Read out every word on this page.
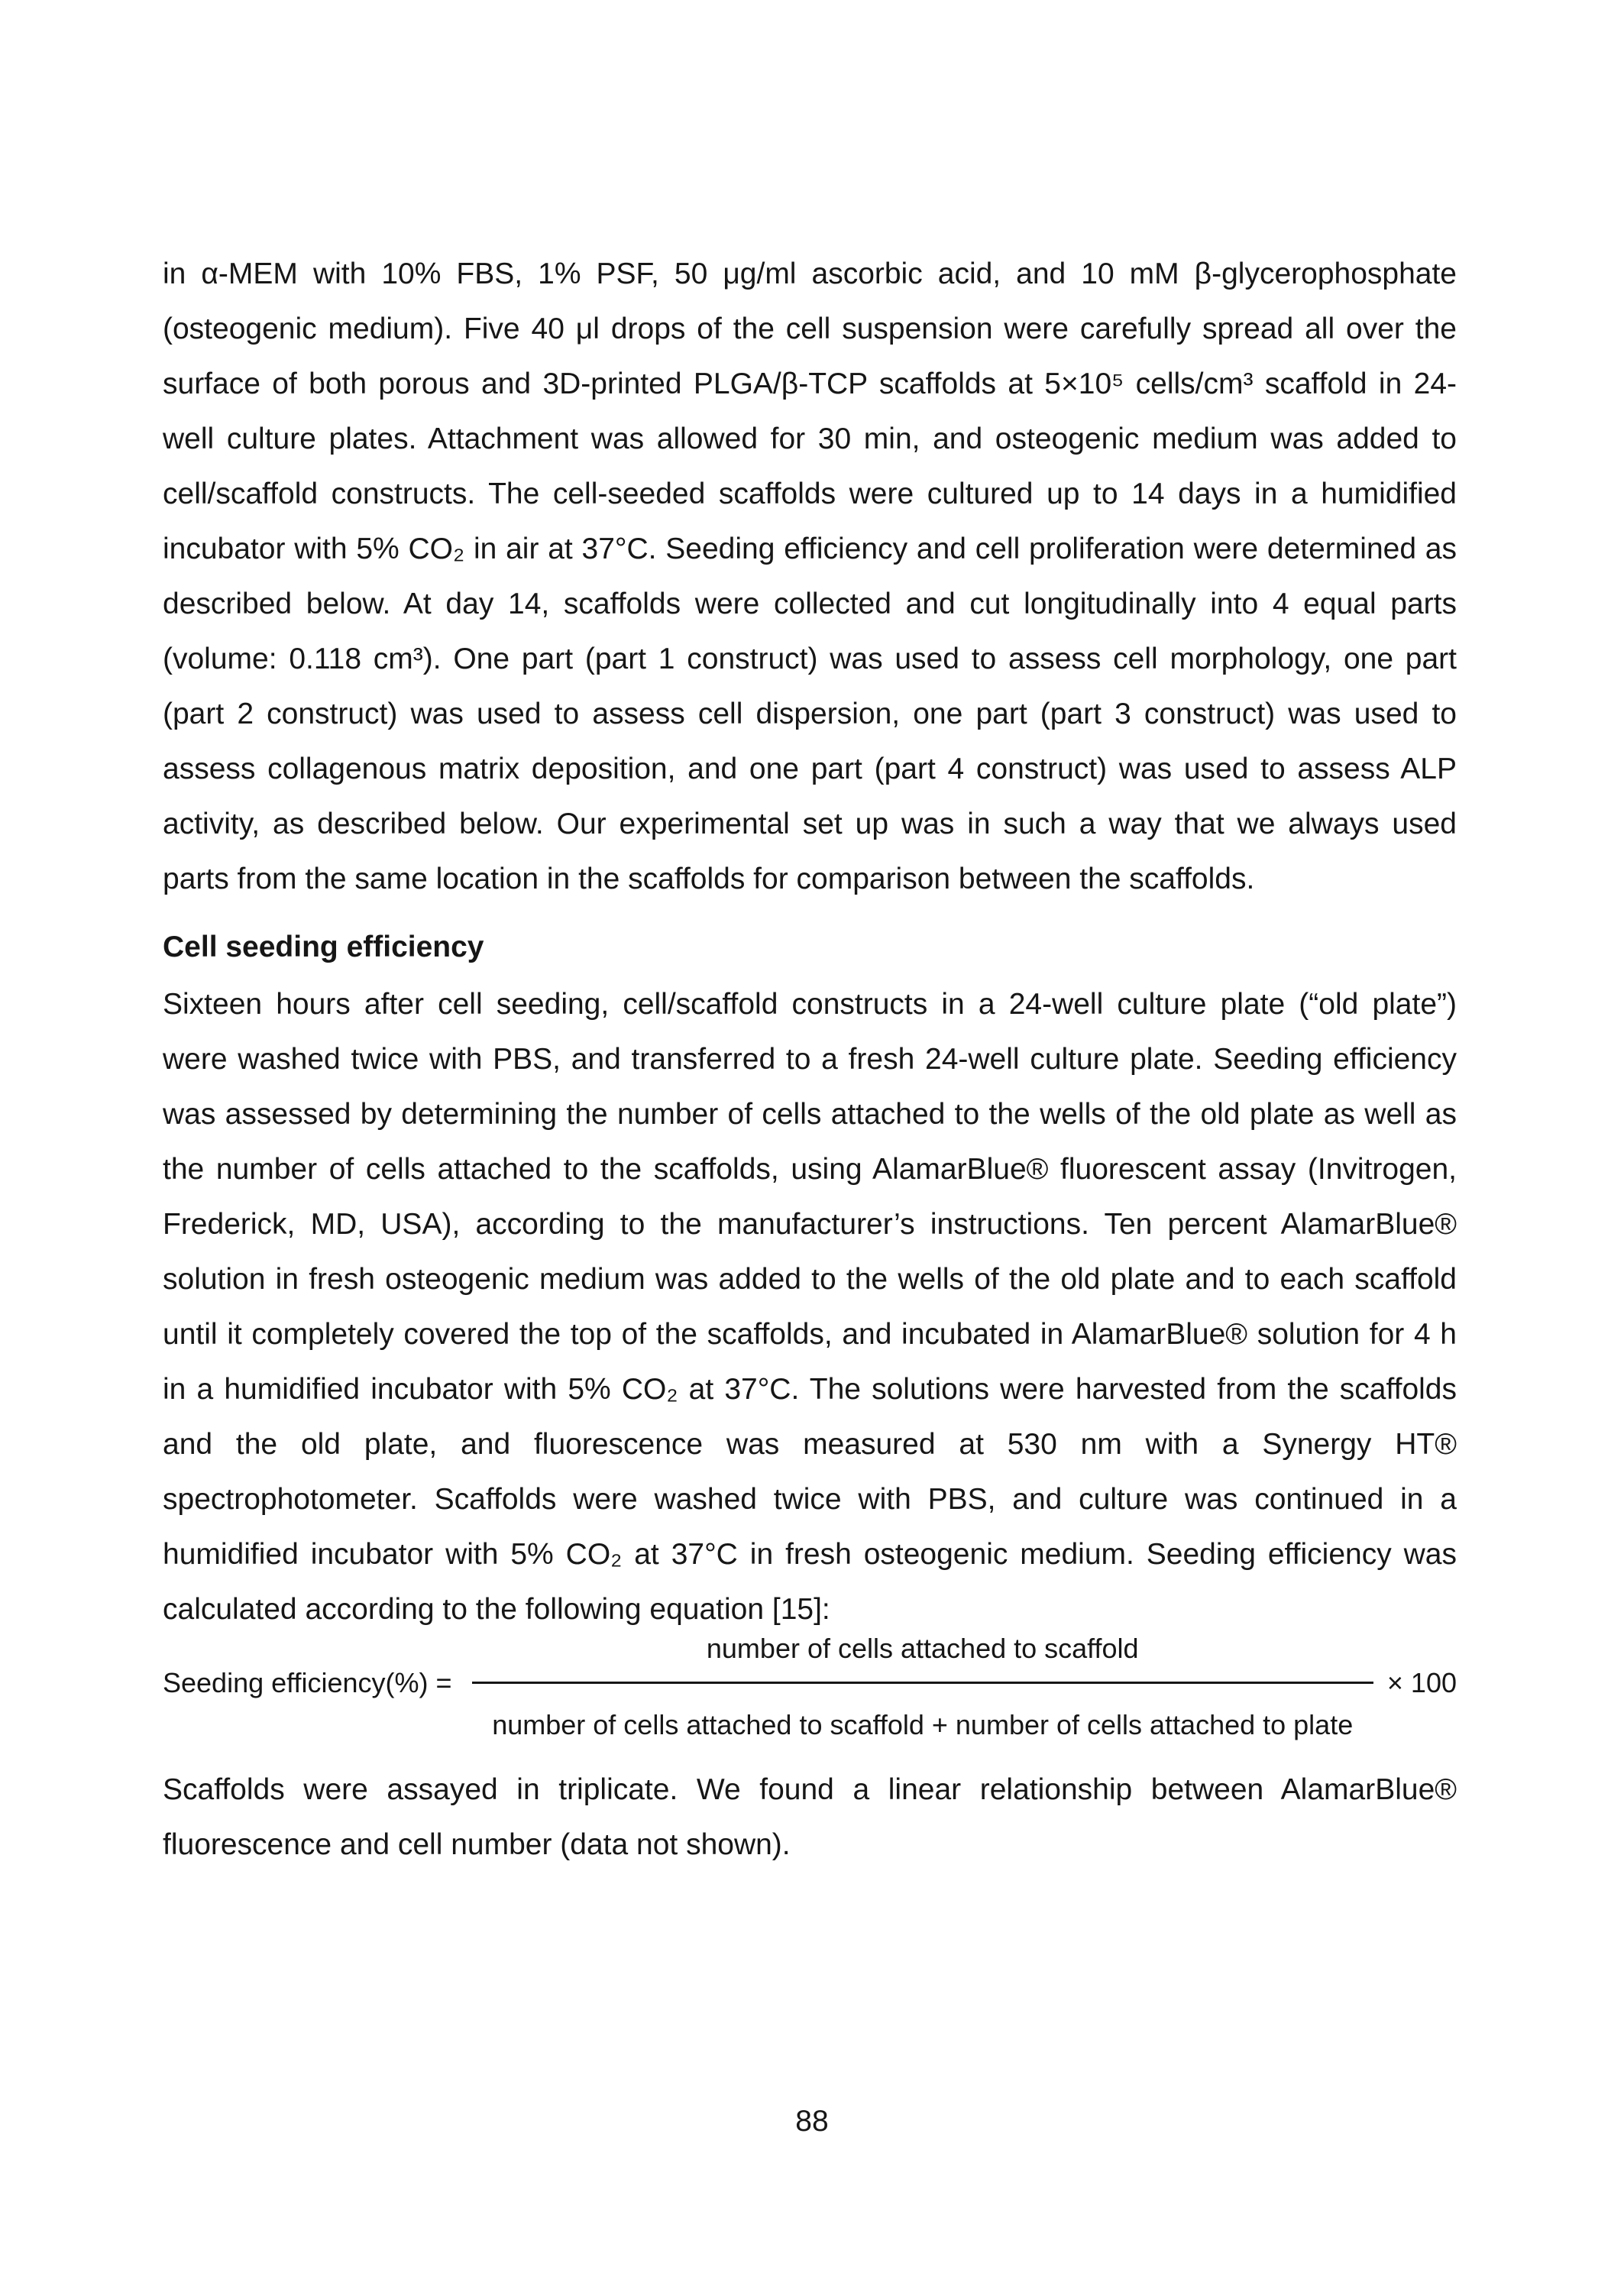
in α-MEM with 10% FBS, 1% PSF, 50 μg/ml ascorbic acid, and 10 mM β-glycerophosphate (osteogenic medium). Five 40 μl drops of the cell suspension were carefully spread all over the surface of both porous and 3D-printed PLGA/β-TCP scaffolds at 5×10⁵ cells/cm³ scaffold in 24-well culture plates. Attachment was allowed for 30 min, and osteogenic medium was added to cell/scaffold constructs. The cell-seeded scaffolds were cultured up to 14 days in a humidified incubator with 5% CO₂ in air at 37°C. Seeding efficiency and cell proliferation were determined as described below. At day 14, scaffolds were collected and cut longitudinally into 4 equal parts (volume: 0.118 cm³). One part (part 1 construct) was used to assess cell morphology, one part (part 2 construct) was used to assess cell dispersion, one part (part 3 construct) was used to assess collagenous matrix deposition, and one part (part 4 construct) was used to assess ALP activity, as described below. Our experimental set up was in such a way that we always used parts from the same location in the scaffolds for comparison between the scaffolds.

Cell seeding efficiency

Sixteen hours after cell seeding, cell/scaffold constructs in a 24-well culture plate (“old plate”) were washed twice with PBS, and transferred to a fresh 24-well culture plate. Seeding efficiency was assessed by determining the number of cells attached to the wells of the old plate as well as the number of cells attached to the scaffolds, using AlamarBlue® fluorescent assay (Invitrogen, Frederick, MD, USA), according to the manufacturer’s instructions. Ten percent AlamarBlue® solution in fresh osteogenic medium was added to the wells of the old plate and to each scaffold until it completely covered the top of the scaffolds, and incubated in AlamarBlue® solution for 4 h in a humidified incubator with 5% CO₂ at 37°C. The solutions were harvested from the scaffolds and the old plate, and fluorescence was measured at 530 nm with a Synergy HT® spectrophotometer. Scaffolds were washed twice with PBS, and culture was continued in a humidified incubator with 5% CO₂ at 37°C in fresh osteogenic medium. Seeding efficiency was calculated according to the following equation [15]:

Seeding efficiency(%) =
number of cells attached to scaffold
number of cells attached to scaffold + number of cells attached to plate
× 100

Scaffolds were assayed in triplicate. We found a linear relationship between AlamarBlue® fluorescence and cell number (data not shown).

88
